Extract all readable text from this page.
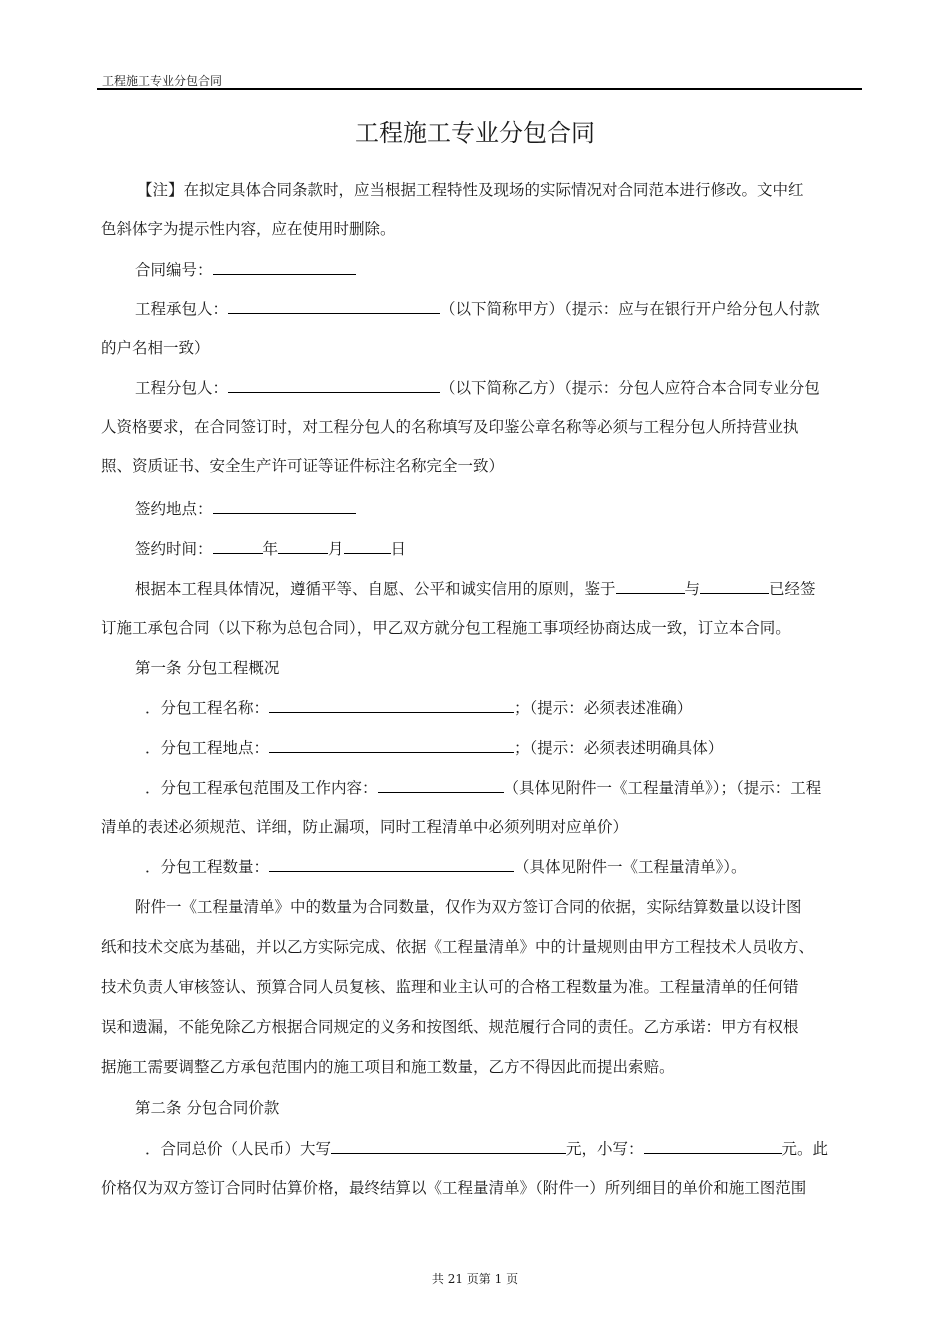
工程施工专业分包合同
工程施工专业分包合同
【注】在拟定具体合同条款时，应当根据工程特性及现场的实际情况对合同范本进行修改。文中红
色斜体字为提示性内容，应在使用时删除。
合同编号：
工程承包人：	（以下简称甲方）（提示：应与在银行开户给分包人付款
的户名相一致）
工程分包人：	（以下简称乙方）（提示：分包人应符合本合同专业分包
人资格要求，在合同签订时，对工程分包人的名称填写及印鉴公章名称等必须与工程分包人所持营业执
照、资质证书、安全生产许可证等证件标注名称完全一致）
签约地点：
签约时间：	年	月	日
根据本工程具体情况，遵循平等、自愿、公平和诚实信用的原则，鉴于	与	已经签
订施工承包合同（以下称为总包合同），甲乙双方就分包工程施工事项经协商达成一致，订立本合同。
第一条 分包工程概况
．分包工程名称：	；（提示：必须表述准确）
．分包工程地点：	；（提示：必须表述明确具体）
．分包工程承包范围及工作内容：	（具体见附件一《工程量清单》）；（提示：工程
清单的表述必须规范、详细，防止漏项，同时工程清单中必须列明对应单价）
．分包工程数量：	（具体见附件一《工程量清单》）。
附件一《工程量清单》中的数量为合同数量，仅作为双方签订合同的依据，实际结算数量以设计图
纸和技术交底为基础，并以乙方实际完成、依据《工程量清单》中的计量规则由甲方工程技术人员收方、
技术负责人审核签认、预算合同人员复核、监理和业主认可的合格工程数量为准。工程量清单的任何错
误和遗漏，不能免除乙方根据合同规定的义务和按图纸、规范履行合同的责任。乙方承诺：甲方有权根
据施工需要调整乙方承包范围内的施工项目和施工数量，乙方不得因此而提出索赔。
第二条 分包合同价款
．合同总价（人民币）大写	元，小写：	元。此
价格仅为双方签订合同时估算价格，最终结算以《工程量清单》（附件一）所列细目的单价和施工图范围
共 21 页第 1 页
